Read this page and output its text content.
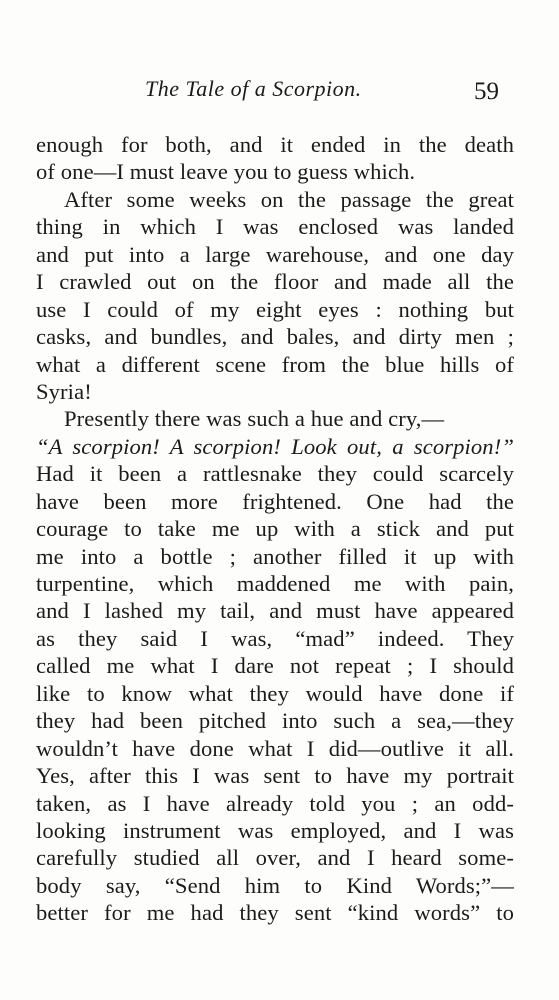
The Tale of a Scorpion.	59
enough for both, and it ended in the death
of one—I must leave you to guess which.
After some weeks on the passage the great
thing in which I was enclosed was landed
and put into a large warehouse, and one day
I crawled out on the floor and made all the
use I could of my eight eyes : nothing but
casks, and bundles, and bales, and dirty men ;
what a different scene from the blue hills of
Syria!
Presently there was such a hue and cry,—
“A scorpion! A scorpion! Look out, a scorpion!”
Had it been a rattlesnake they could scarcely
have been more frightened. One had the
courage to take me up with a stick and put
me into a bottle ; another filled it up with
turpentine, which maddened me with pain,
and I lashed my tail, and must have appeared
as they said I was, “mad” indeed. They
called me what I dare not repeat ; I should
like to know what they would have done if
they had been pitched into such a sea,—they
wouldn’t have done what I did—outlive it all.
Yes, after this I was sent to have my portrait
taken, as I have already told you ; an odd-
looking instrument was employed, and I was
carefully studied all over, and I heard some-
body say, “Send him to Kind Words;”—
better for me had they sent “kind words” to
